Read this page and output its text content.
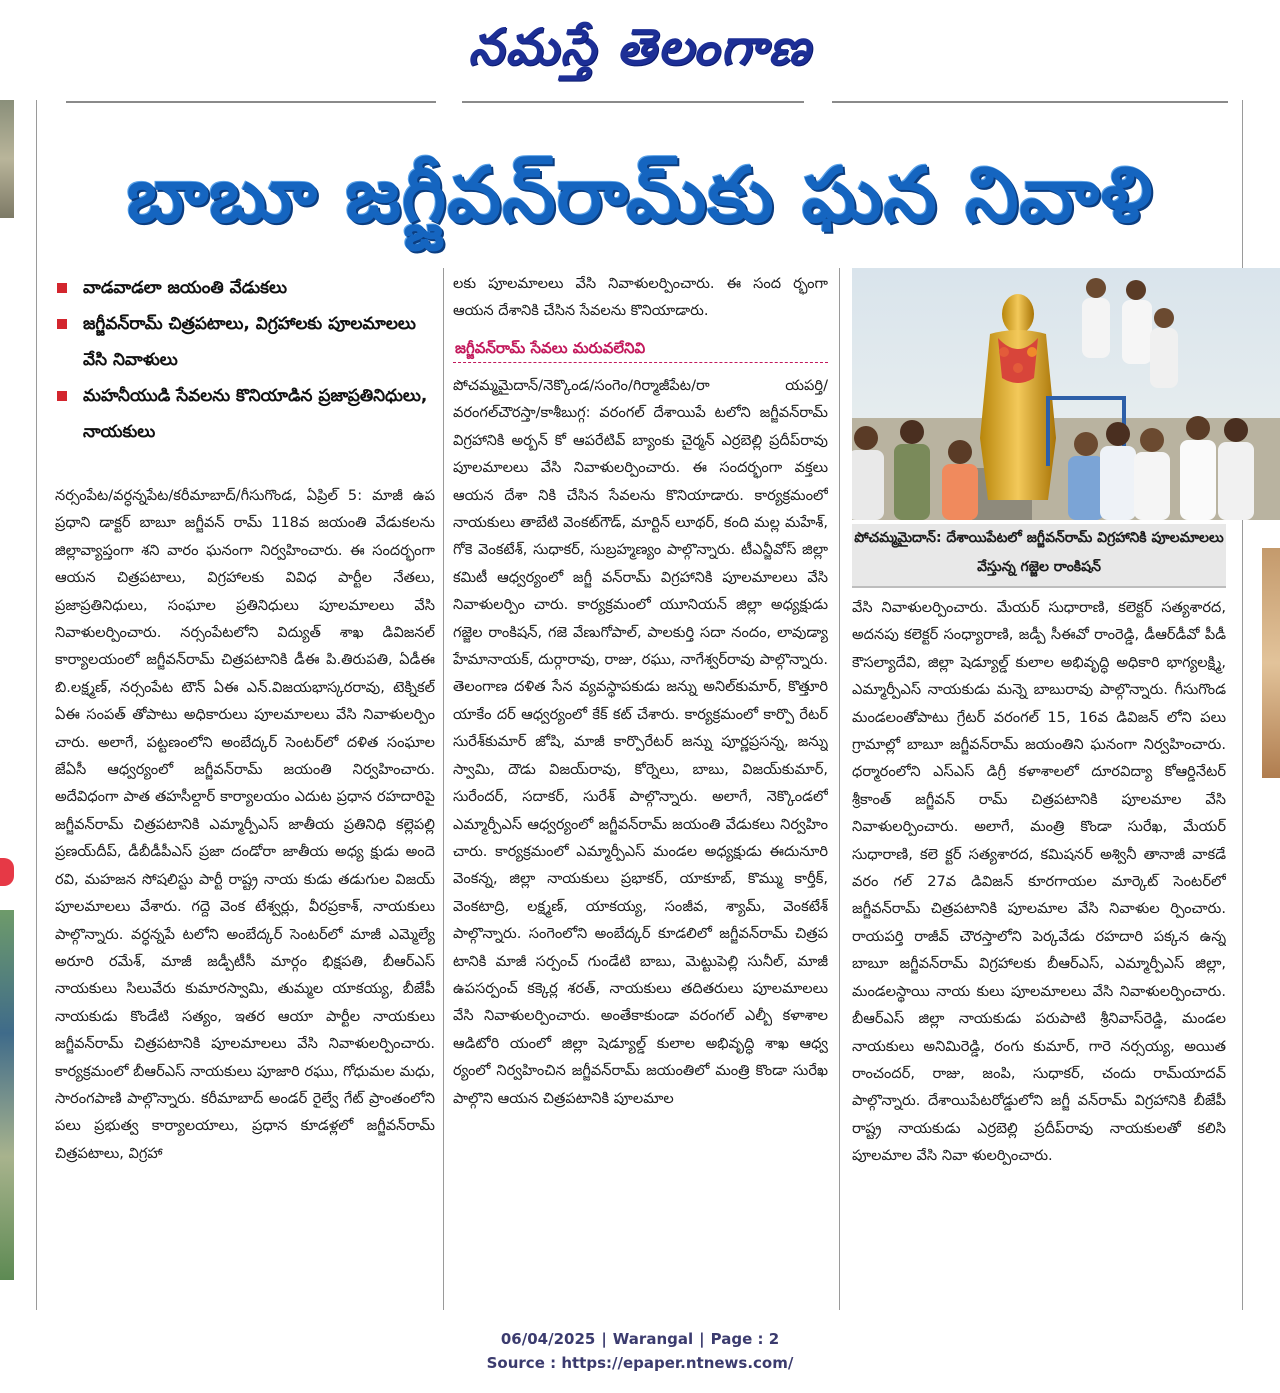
నమస్తే తెలంగాణ
బాబూ జగ్జీవన్‌రామ్‌కు ఘన నివాళి
వాడవాడలా జయంతి వేడుకలు
జగ్జీవన్‌రామ్ చిత్రపటాలు, విగ్రహాలకు పూలమాలలు వేసి నివాళులు
మహనీయుడి సేవలను కొనియాడిన ప్రజాప్రతినిధులు, నాయకులు

నర్సంపేట/వర్ధన్నపేట/కరీమాబాద్/గీసుగొండ, ఏప్రిల్ 5: మాజీ ఉప ప్రధాని డాక్టర్ బాబూ జగ్జీవన్ రామ్ 118వ జయంతి వేడుకలను జిల్లావ్యాప్తంగా శని వారం ఘనంగా నిర్వహించారు. ఈ సందర్భంగా ఆయన చిత్రపటాలు, విగ్రహాలకు వివిధ పార్టీల నేతలు, ప్రజాప్రతినిధులు, సంఘాల ప్రతినిధులు పూలమాలలు వేసి నివాళులర్పించారు. నర్సంపేటలోని విద్యుత్ శాఖ డివిజనల్ కార్యాలయంలో జగ్జీవన్‌రామ్ చిత్రపటానికి డీఈ పి.తిరుపతి, ఏడీఈ బి.లక్ష్మణ్, నర్సంపేట టౌన్ ఏఈ ఎన్.విజయభాస్కరరావు, టెక్నికల్ ఏఈ సంపత్ తోపాటు అధికారులు పూలమాలలు వేసి నివాళులర్పిం చారు. అలాగే, పట్టణంలోని అంబేద్కర్ సెంటర్‌లో దళిత సంఘాల జేఏసీ ఆధ్వర్యంలో జగ్జీవన్‌రామ్ జయంతి నిర్వహించారు. అదేవిధంగా పాత తహసీల్దార్ కార్యాలయం ఎదుట ప్రధాన రహదారిపై జగ్జీవన్‌రామ్ చిత్రపటానికి ఎమ్మార్పీఎస్ జాతీయ ప్రతినిధి కల్లెపల్లి ప్రణయ్‌దీప్, డీబీడీపీఎస్ ప్రజా దండోరా జాతీయ అధ్య క్షుడు అందె రవి, మహజన సోషలిస్టు పార్టీ రాష్ట్ర నాయ కుడు తడుగుల విజయ్ పూలమాలలు వేశారు. గద్దె వెంక టేశ్వర్లు, వీరప్రకాశ్, నాయకులు పాల్గొన్నారు. వర్ధన్నపే టలోని అంబేద్కర్ సెంటర్‌లో మాజీ ఎమ్మెల్యే అరూరి రమేశ్, మాజీ జడ్పీటీసీ మార్గం భిక్షపతి, బీఆర్‌ఎస్ నాయకులు సిలువేరు కుమారస్వామి, తుమ్మల యాకయ్య, బీజేపీ నాయకుడు కొండేటి సత్యం, ఇతర ఆయా పార్టీల నాయకులు జగ్జీవన్‌రామ్ చిత్రపటానికి పూలమాలలు వేసి నివాళులర్పించారు. కార్యక్రమంలో బీఆర్‌ఎస్ నాయకులు పూజారి రఘు, గోధుమల మధు, సారంగపాణి పాల్గొన్నారు. కరీమాబాద్ అండర్ రైల్వే గేట్ ప్రాంతంలోని పలు ప్రభుత్వ కార్యాలయాలు, ప్రధాన కూడళ్లలో జగ్జీవన్‌రామ్ చిత్రపటాలు, విగ్రహా

లకు పూలమాలలు వేసి నివాళులర్పించారు. ఈ సంద ర్భంగా ఆయన దేశానికి చేసిన సేవలను కొనియాడారు.

జగ్జీవన్‌రామ్ సేవలు మరువలేనివి

పోచమ్మమైదాన్/నెక్కొండ/సంగెం/గిర్మాజీపేట/రా యపర్తి/వరంగల్‌చౌరస్తా/కాశీబుగ్గ: వరంగల్ దేశాయిపే టలోని జగ్జీవన్‌రామ్ విగ్రహానికి అర్బన్ కో ఆపరేటివ్ బ్యాంకు చైర్మన్ ఎర్రబెల్లి ప్రదీప్‌రావు పూలమాలలు వేసి నివాళులర్పించారు. ఈ సందర్భంగా వక్తలు ఆయన దేశా నికి చేసిన సేవలను కొనియాడారు. కార్యక్రమంలో నాయకులు తాబేటి వెంకట్‌గౌడ్, మార్టిన్ లూథర్, కంది మల్ల మహేశ్, గోకె వెంకటేశ్, సుధాకర్, సుబ్రహ్మణ్యం పాల్గొన్నారు. టీఎన్జీవోస్ జిల్లా కమిటీ ఆధ్వర్యంలో జగ్జీ వన్‌రామ్ విగ్రహానికి పూలమాలలు వేసి నివాళులర్పిం చారు. కార్యక్రమంలో యూనియన్ జిల్లా అధ్యక్షుడు గజ్జెల రాంకిషన్, గజె వేణుగోపాల్, పాలకుర్తి సదా నందం, లావుడ్యా హేమానాయక్, దుర్గారావు, రాజు, రఘు, నాగేశ్వర్‌రావు పాల్గొన్నారు. తెలంగాణ దళిత సేన వ్యవస్థాపకుడు జన్ను అనిల్‌కుమార్, కొత్తూరి యాకేం దర్ ఆధ్వర్యంలో కేక్ కట్ చేశారు. కార్యక్రమంలో కార్పొ రేటర్ సురేశ్‌కుమార్ జోషి, మాజీ కార్పొరేటర్ జన్ను పూర్ణప్రసన్న, జన్ను స్వామి, దౌడు విజయ్‌రావు, కోర్నెలు, బాబు, విజయ్‌కుమార్, సురేందర్, సదాకర్, సురేశ్ పాల్గొన్నారు. అలాగే, నెక్కొండలో ఎమ్మార్పీఎస్ ఆధ్వర్యంలో జగ్జీవన్‌రామ్ జయంతి వేడుకలు నిర్వహిం చారు. కార్యక్రమంలో ఎమ్మార్పీఎస్ మండల అధ్యక్షుడు ఈదునూరి వెంకన్న, జిల్లా నాయకులు ప్రభాకర్, యాకూబ్, కొమ్ము కార్తీక్, వెంకటాద్రి, లక్ష్మణ్, యాకయ్య, సంజీవ, శ్యామ్, వెంకటేశ్ పాల్గొన్నారు. సంగెంలోని అంబేద్కర్ కూడలిలో జగ్జీవన్‌రామ్ చిత్రప టానికి మాజీ సర్పంచ్ గుండేటి బాబు, మెట్టుపెల్లి సునీల్, మాజీ ఉపసర్పంచ్ కక్కెర్ల శరత్, నాయకులు తదితరులు పూలమాలలు వేసి నివాళులర్పించారు. అంతేకాకుండా వరంగల్ ఎల్బీ కళాశాల ఆడిటోరి యంలో జిల్లా షెడ్యూల్డ్ కులాల అభివృద్ధి శాఖ ఆధ్వ ర్యంలో నిర్వహించిన జగ్జీవన్‌రామ్ జయంతిలో మంత్రి కొండా సురేఖ పాల్గొని ఆయన చిత్రపటానికి పూలమాల

పోచమ్మమైదాన్: దేశాయిపేటలో జగ్జీవన్‌రామ్ విగ్రహానికి పూలమాలలు వేస్తున్న గజ్జెల రాంకిషన్

వేసి నివాళులర్పించారు. మేయర్ సుధారాణి, కలెక్టర్ సత్యశారద, అదనపు కలెక్టర్ సంధ్యారాణి, జడ్పీ సీఈవో రాంరెడ్డి, డీఆర్‌డీవో పీడీ కౌసల్యాదేవి, జిల్లా షెడ్యూల్డ్ కులాల అభివృద్ధి అధికారి భాగ్యలక్ష్మి, ఎమ్మార్పీఎస్ నాయకుడు మన్నె బాబురావు పాల్గొన్నారు. గీసుగొండ మండలంతోపాటు గ్రేటర్ వరంగల్ 15, 16వ డివిజన్ లోని పలు గ్రామాల్లో బాబూ జగ్జీవన్‌రామ్ జయంతిని ఘనంగా నిర్వహించారు. ధర్మారంలోని ఎస్‌ఎస్ డిగ్రీ కళాశాలలో దూరవిద్యా కోఆర్డినేటర్ శ్రీకాంత్ జగ్జీవన్ రామ్ చిత్రపటానికి పూలమాల వేసి నివాళులర్పించారు. అలాగే, మంత్రి కొండా సురేఖ, మేయర్ సుధారాణి, కలె క్టర్ సత్యశారద, కమిషనర్ అశ్వినీ తానాజీ వాకడే వరం గల్ 27వ డివిజన్ కూరగాయల మార్కెట్ సెంటర్‌లో జగ్జీవన్‌రామ్ చిత్రపటానికి పూలమాల వేసి నివాళుల ర్పించారు. రాయపర్తి రాజీవ్ చౌరస్తాలోని పెర్కవేడు రహదారి పక్కన ఉన్న బాబూ జగ్జీవన్‌రామ్ విగ్రహాలకు బీఆర్‌ఎస్, ఎమ్మార్పీఎస్ జిల్లా, మండలస్థాయి నాయ కులు పూలమాలలు వేసి నివాళులర్పించారు. బీఆర్‌ఎస్ జిల్లా నాయకుడు పరుపాటి శ్రీనివాస్‌రెడ్డి, మండల నాయకులు అనిమిరెడ్డి, రంగు కుమార్, గారె నర్సయ్య, అయిత రాంచందర్, రాజు, జంపి, సుధాకర్, చందు రామ్‌యాదవ్ పాల్గొన్నారు. దేశాయిపేటరోడ్డులోని జగ్జీ వన్‌రామ్ విగ్రహానికి బీజేపీ రాష్ట్ర నాయకుడు ఎర్రబెల్లి ప్రదీప్‌రావు నాయకులతో కలిసి పూలమాల వేసి నివా ళులర్పించారు.

06/04/2025 | Warangal | Page : 2
Source : https://epaper.ntnews.com/
